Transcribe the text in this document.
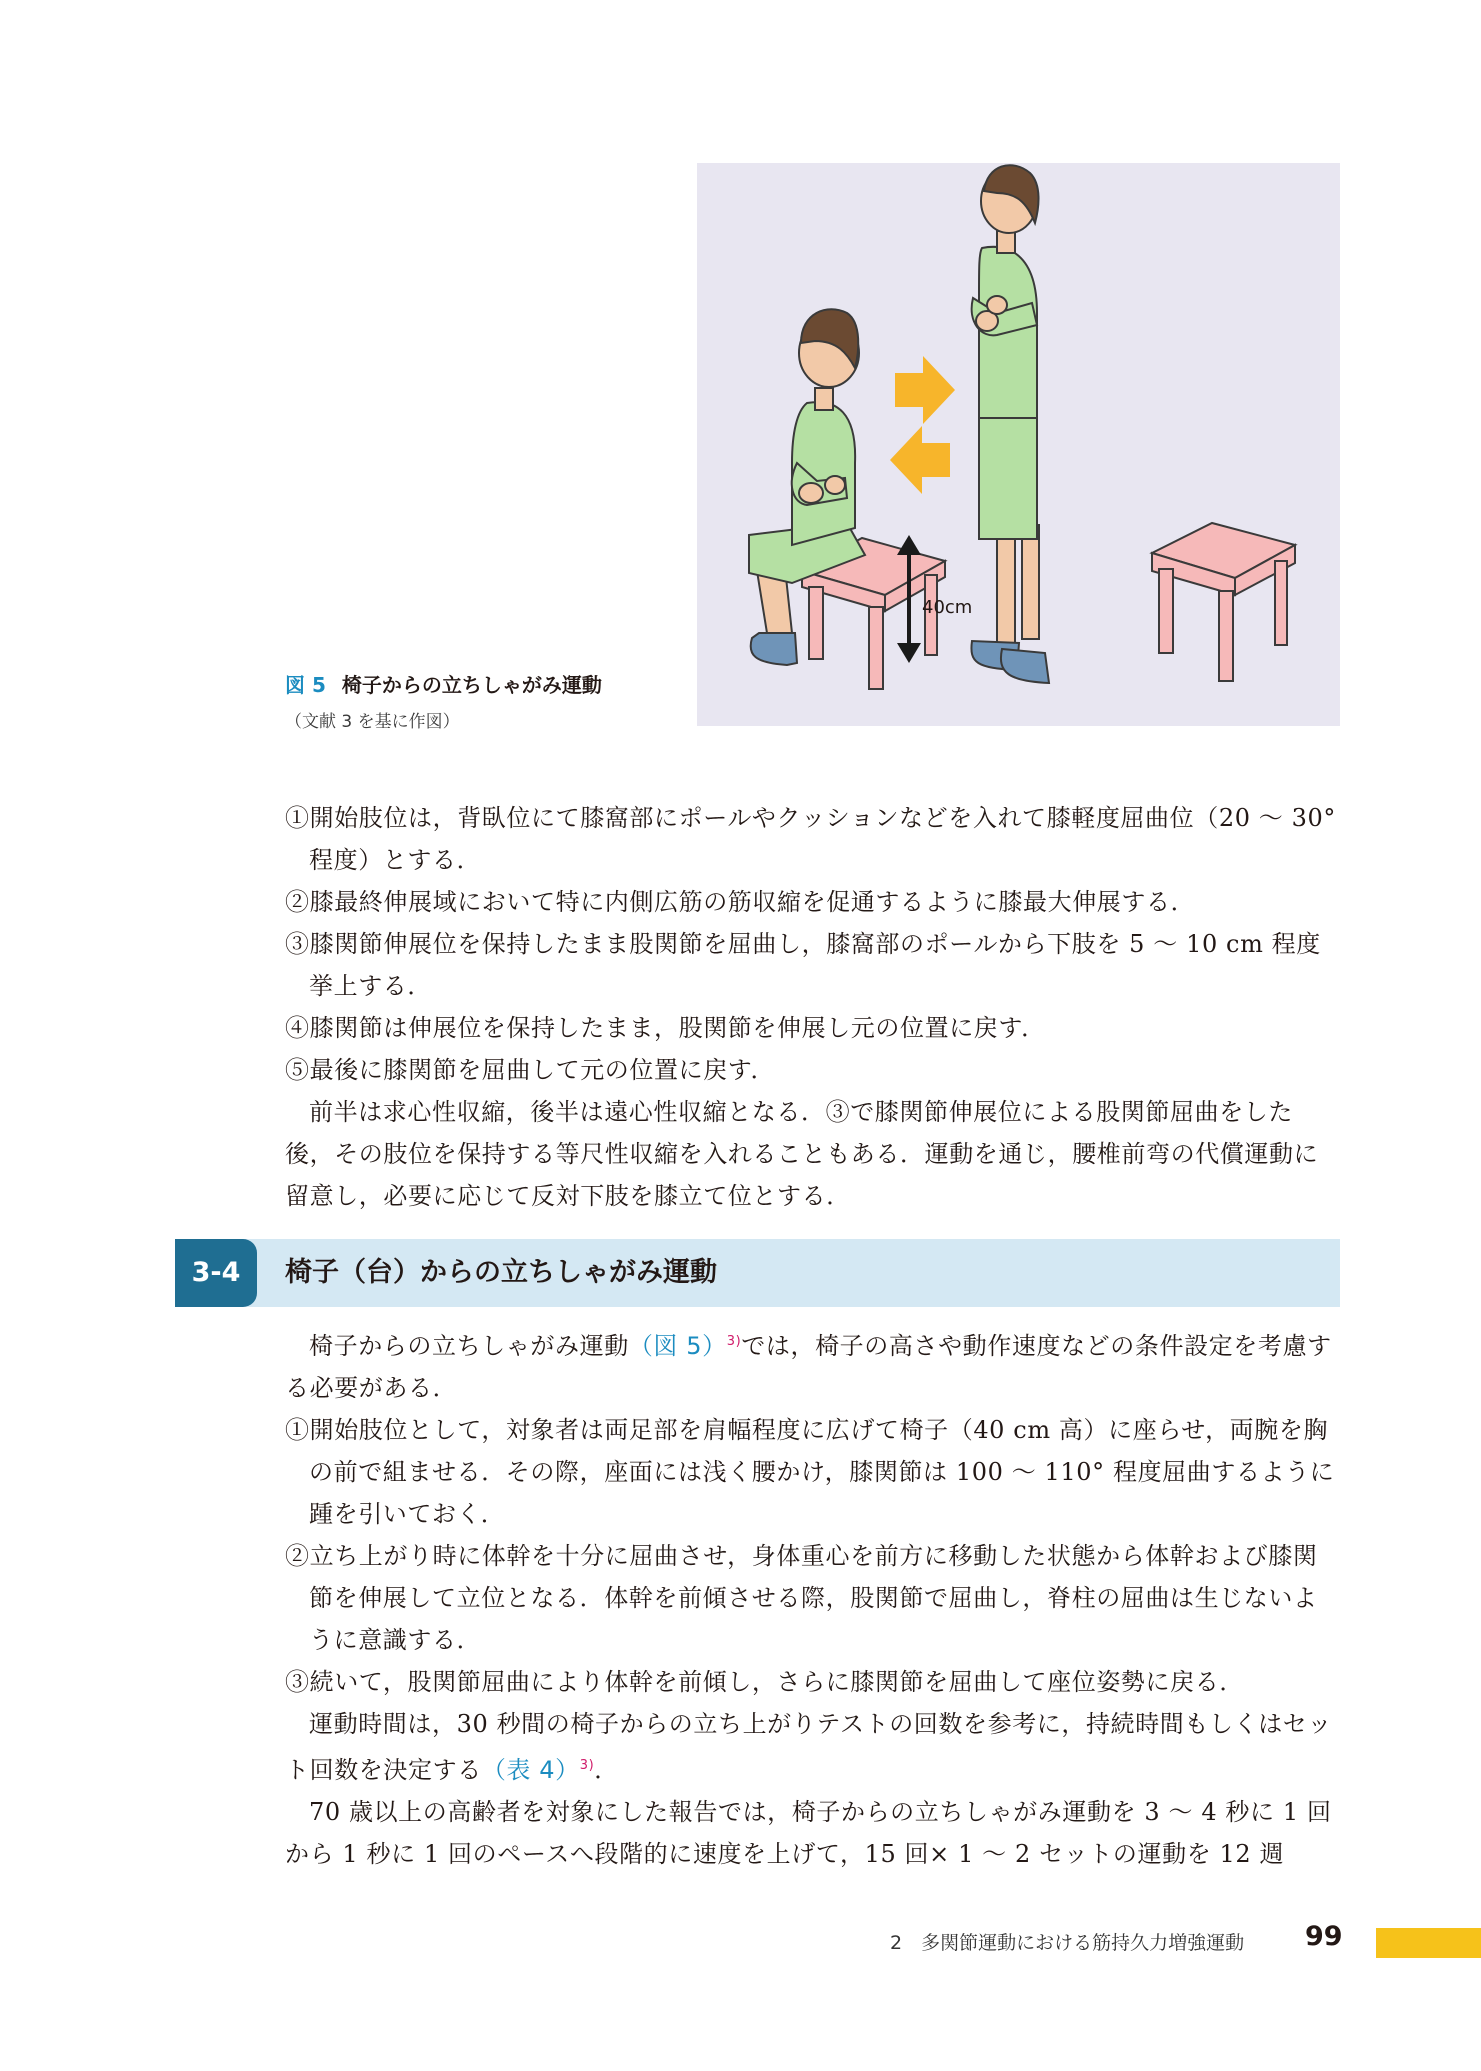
40cm
図 5 椅子からの立ちしゃがみ運動
（文献 3 を基に作図）

①開始肢位は，背臥位にて膝窩部にポールやクッションなどを入れて膝軽度屈曲位（20 〜 30°程度）とする．

②膝最終伸展域において特に内側広筋の筋収縮を促通するように膝最大伸展する．

③膝関節伸展位を保持したまま股関節を屈曲し，膝窩部のポールから下肢を 5 〜 10 cm 程度挙上する．

④膝関節は伸展位を保持したまま，股関節を伸展し元の位置に戻す．

⑤最後に膝関節を屈曲して元の位置に戻す．

前半は求心性収縮，後半は遠心性収縮となる．③で膝関節伸展位による股関節屈曲をした後，その肢位を保持する等尺性収縮を入れることもある．運動を通じ，腰椎前弯の代償運動に留意し，必要に応じて反対下肢を膝立て位とする．

3-4	椅子（台）からの立ちしゃがみ運動

椅子からの立ちしゃがみ運動（図 5）$^{3)}$では，椅子の高さや動作速度などの条件設定を考慮する必要がある．

①開始肢位として，対象者は両足部を肩幅程度に広げて椅子（40 cm 高）に座らせ，両腕を胸の前で組ませる．その際，座面には浅く腰かけ，膝関節は 100 〜 110° 程度屈曲するように踵を引いておく．

②立ち上がり時に体幹を十分に屈曲させ，身体重心を前方に移動した状態から体幹および膝関節を伸展して立位となる．体幹を前傾させる際，股関節で屈曲し，脊柱の屈曲は生じないように意識する．

③続いて，股関節屈曲により体幹を前傾し，さらに膝関節を屈曲して座位姿勢に戻る．

運動時間は，30 秒間の椅子からの立ち上がりテストの回数を参考に，持続時間もしくはセット回数を決定する（表 4）$^{3)}$．

70 歳以上の高齢者を対象にした報告では，椅子からの立ちしゃがみ運動を 3 〜 4 秒に 1 回から 1 秒に 1 回のペースへ段階的に速度を上げて，15 回× 1 〜 2 セットの運動を 12 週

2　多関節運動における筋持久力増強運動 99
